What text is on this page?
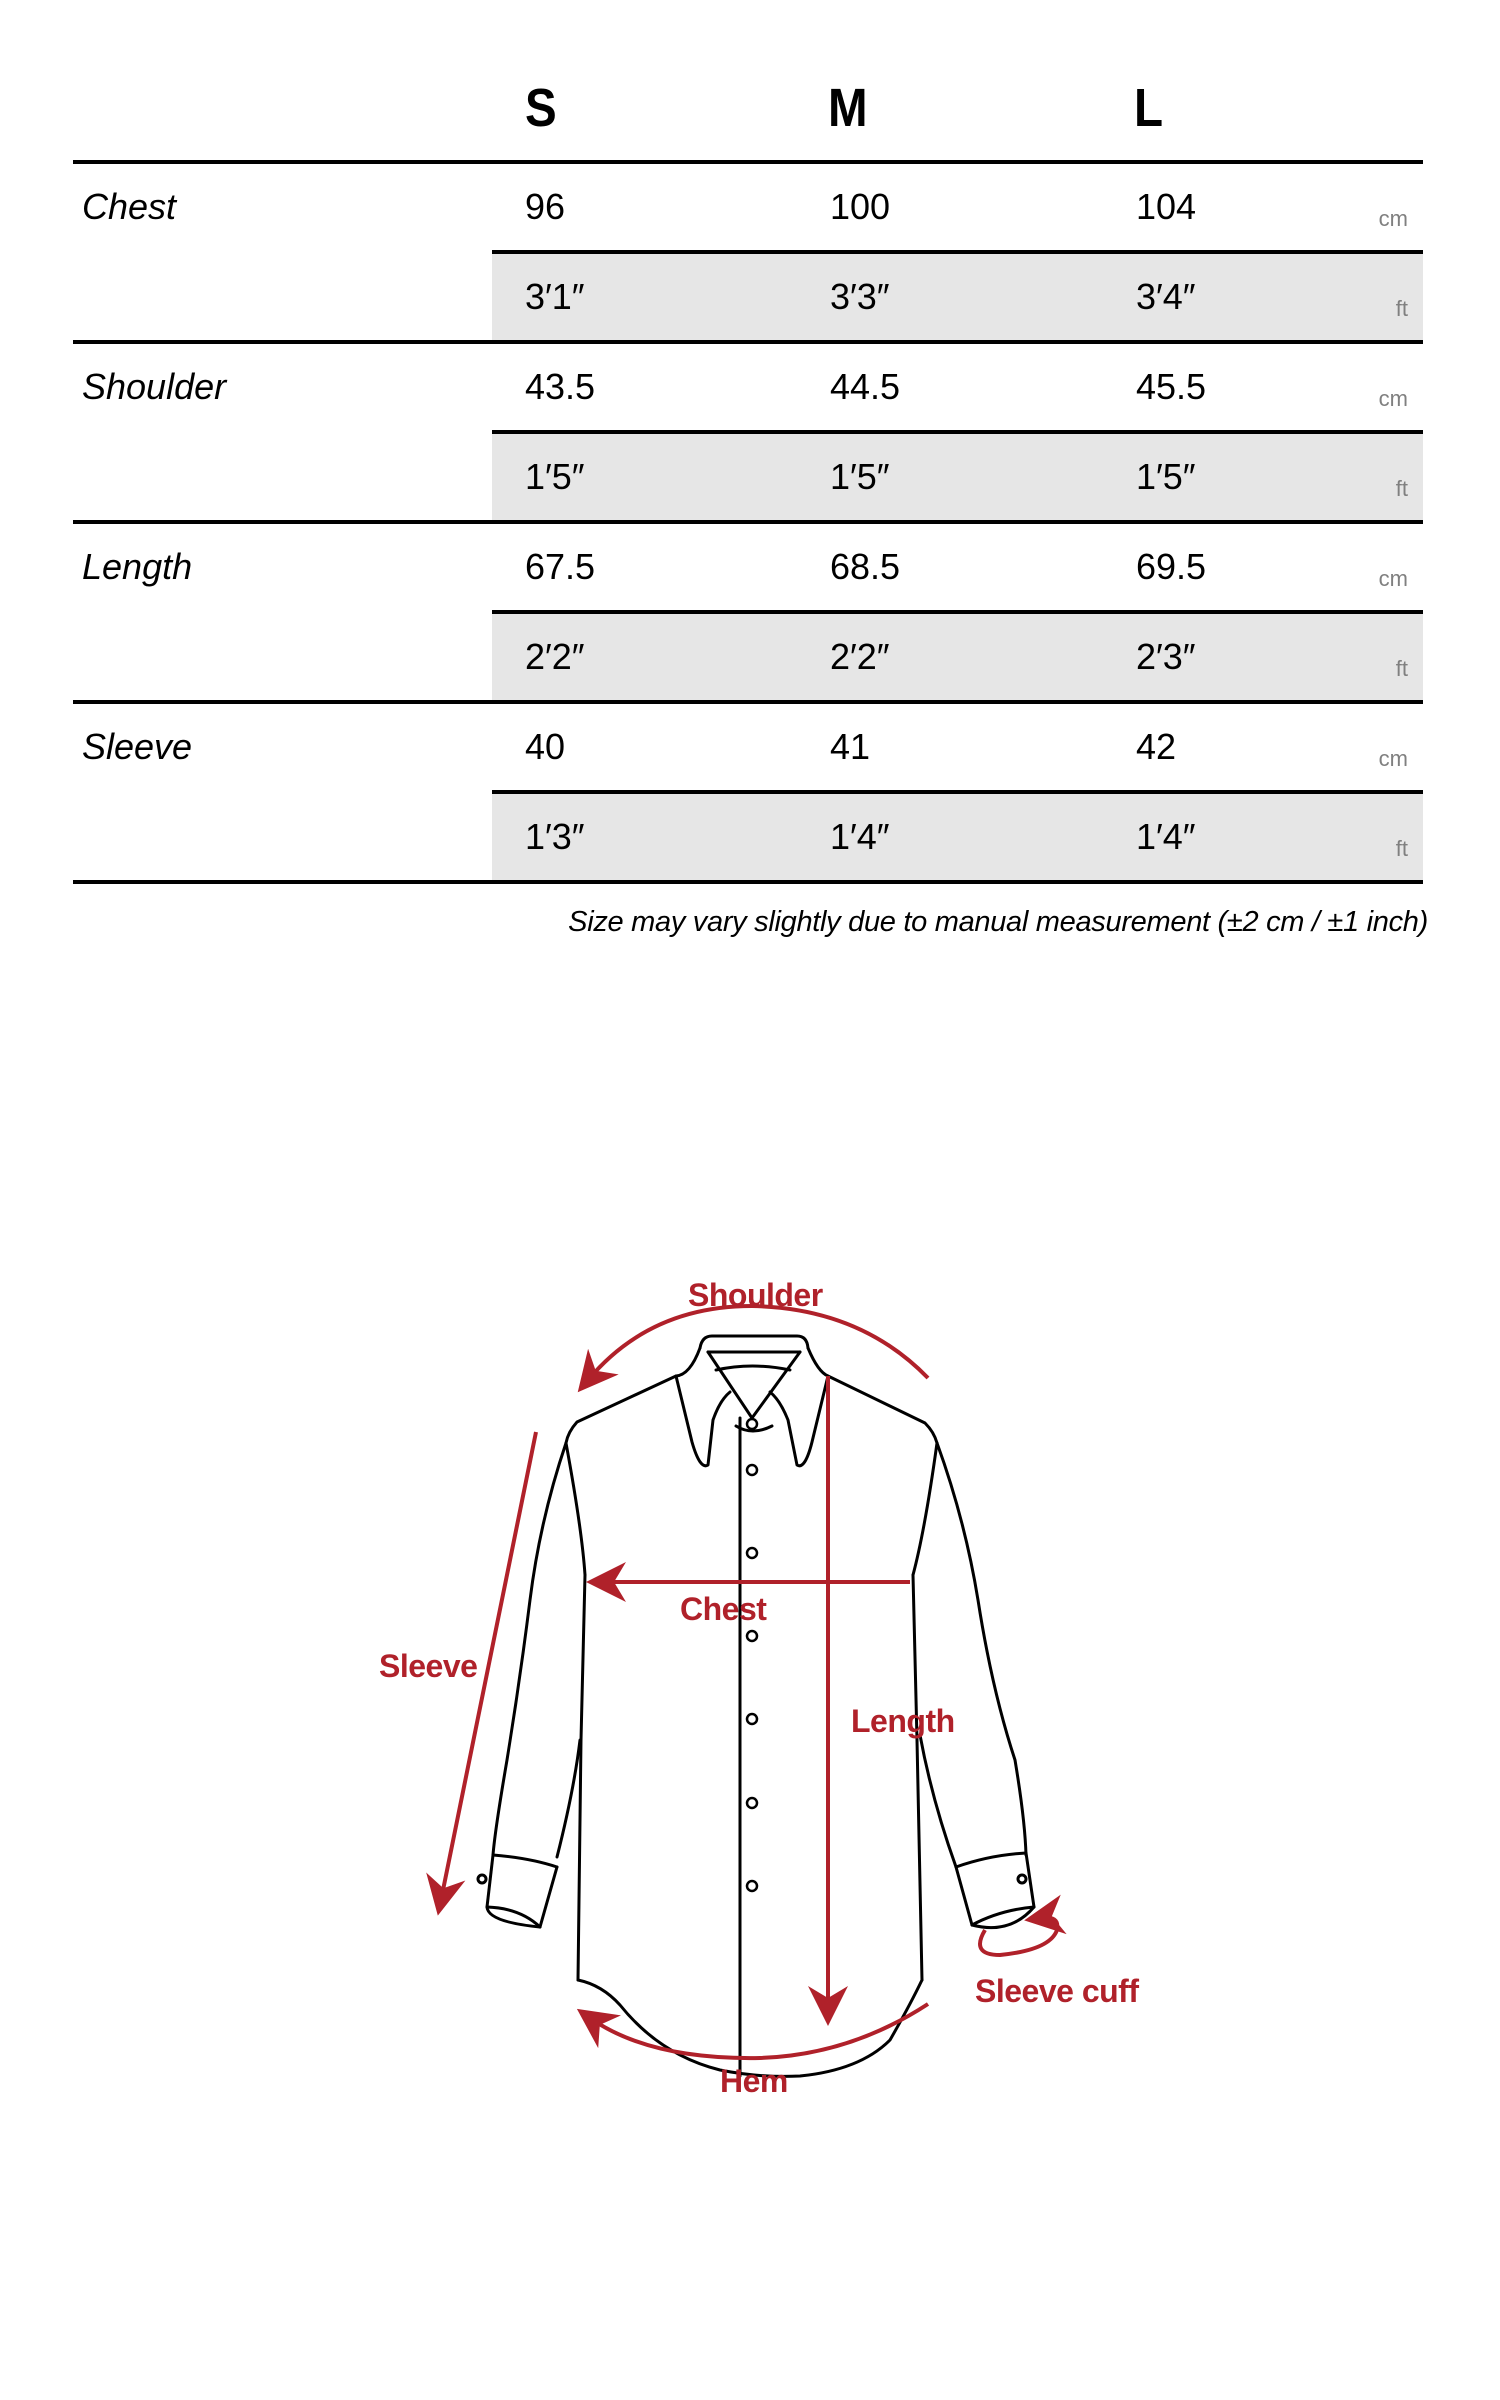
S	M	L
Chest	96	100	104	cm
3′1″	3′3″	3′4″	ft
Shoulder	43.5	44.5	45.5	cm
1′5″	1′5″	1′5″	ft
Length	67.5	68.5	69.5	cm
2′2″	2′2″	2′3″	ft
Sleeve	40	41	42	cm
1′3″	1′4″	1′4″	ft
Size may vary slightly due to manual measurement (±2 cm / ±1 inch)
Shoulder
Chest
Sleeve
Length
Sleeve cuff
Hem
